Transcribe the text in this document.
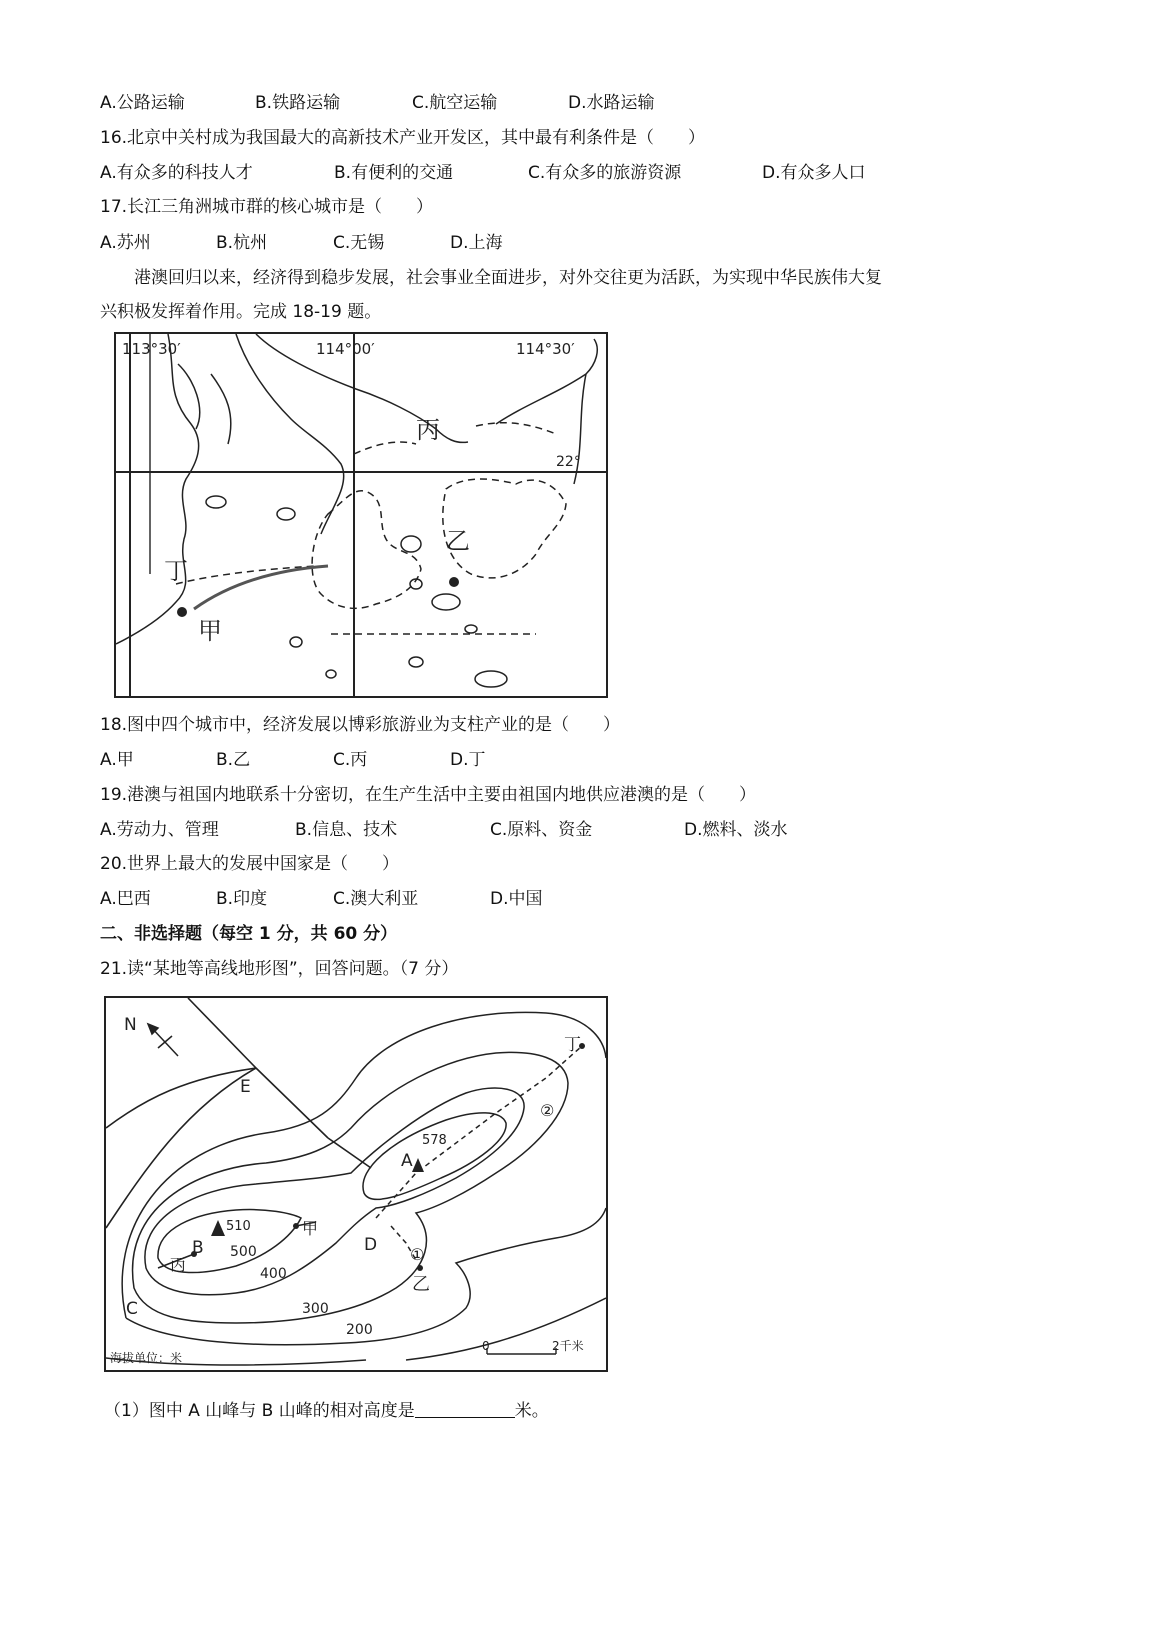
A.公路运输	B.铁路运输	C.航空运输	D.水路运输
16.北京中关村成为我国最大的高新技术产业开发区，其中最有利条件是（　　）
A.有众多的科技人才	B.有便利的交通	C.有众多的旅游资源	D.有众多人口
17.长江三角洲城市群的核心城市是（　　）
A.苏州	B.杭州	C.无锡	D.上海
港澳回归以来，经济得到稳步发展，社会事业全面进步，对外交往更为活跃，为实现中华民族伟大复
兴积极发挥着作用。完成 18-19 题。
113°30′	114°00′	114°30′
22°
丙
乙
丁
甲
18.图中四个城市中，经济发展以博彩旅游业为支柱产业的是（　　）
A.甲	B.乙	C.丙	D.丁
19.港澳与祖国内地联系十分密切，在生产生活中主要由祖国内地供应港澳的是（　　）
A.劳动力、管理	B.信息、技术	C.原料、资金	D.燃料、淡水
20.世界上最大的发展中国家是（　　）
A.巴西	B.印度	C.澳大利亚	D.中国
二、非选择题（每空 1 分，共 60 分）
21.读“某地等高线地形图”，回答问题。（7 分）
N
A
578
B
510
500
400
300
200
C
D
E
甲
乙
丙
丁
①
②
海拔单位：米
0	2千米
（1）图中 A 山峰与 B 山峰的相对高度是	米。
